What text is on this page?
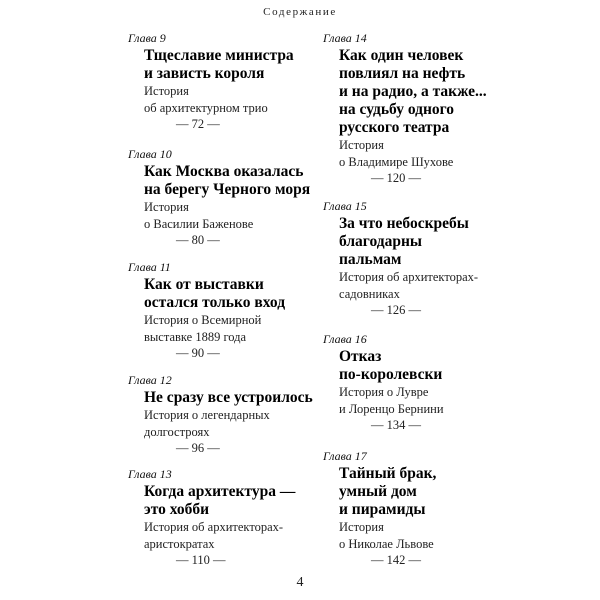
Содержание
Глава 9
Тщеславие министра
и зависть короля
История
об архитектурном трио
— 72 —
Глава 10
Как Москва оказалась
на берегу Черного моря
История
о Василии Баженове
— 80 —
Глава 11
Как от выставки
остался только вход
История о Всемирной
выставке 1889 года
— 90 —
Глава 12
Не сразу все устроилось
История о легендарных
долгостроях
— 96 —
Глава 13
Когда архитектура —
это хобби
История об архитекторах-
аристократах
— 110 —
Глава 14
Как один человек
повлиял на нефть
и на радио, а также...
на судьбу одного
русского театра
История
о Владимире Шухове
— 120 —
Глава 15
За что небоскребы
благодарны
пальмам
История об архитекторах-
садовниках
— 126 —
Глава 16
Отказ
по-королевски
История о Лувре
и Лоренцо Бернини
— 134 —
Глава 17
Тайный брак,
умный дом
и пирамиды
История
о Николае Львове
— 142 —
4
